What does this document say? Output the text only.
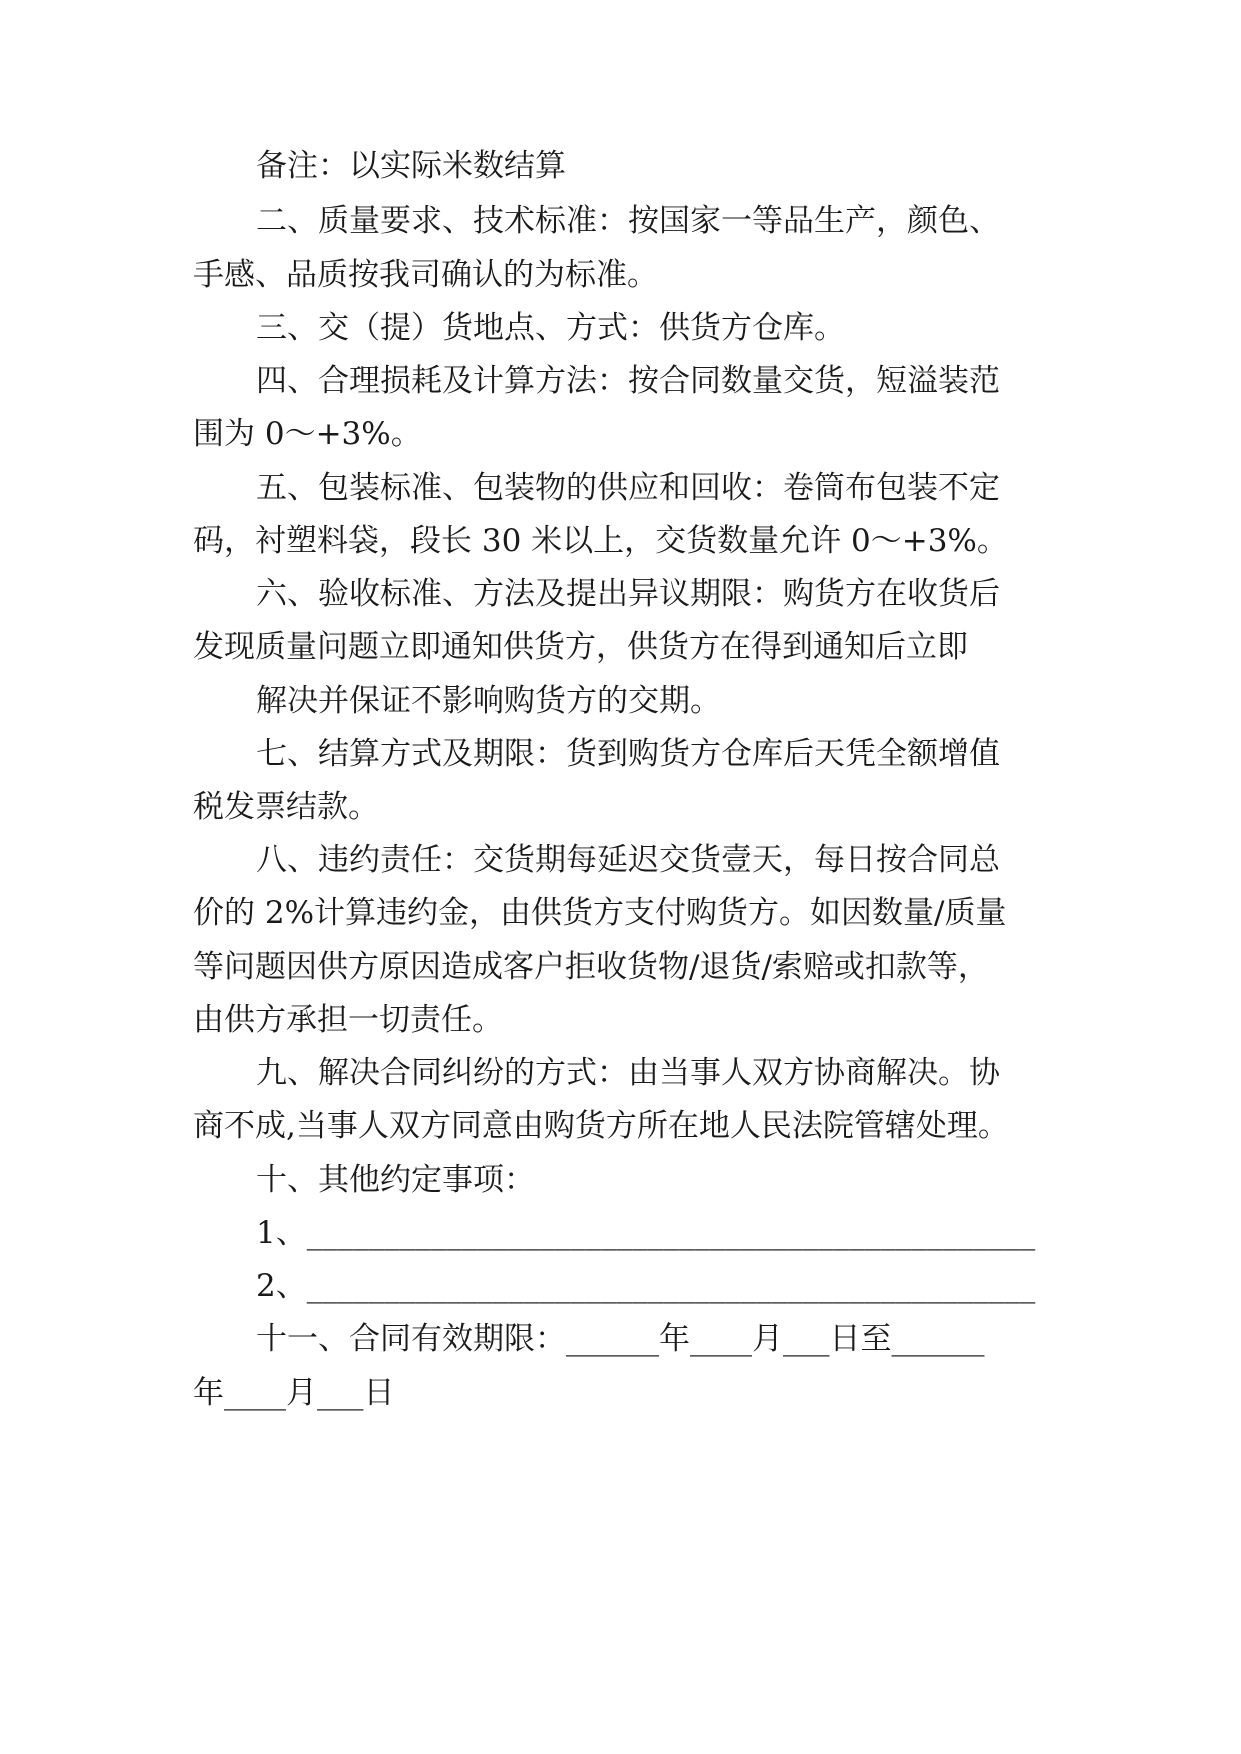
备注：以实际米数结算
二、质量要求、技术标准：按国家一等品生产，颜色、
手感、品质按我司确认的为标准。
三、交（提）货地点、方式：供货方仓库。
四、合理损耗及计算方法：按合同数量交货，短溢装范
围为 0～+3%。
五、包装标准、包装物的供应和回收：卷筒布包装不定
码，衬塑料袋，段长 30 米以上，交货数量允许 0～+3%。
六、验收标准、方法及提出异议期限：购货方在收货后
发现质量问题立即通知供货方，供货方在得到通知后立即
解决并保证不影响购货方的交期。
七、结算方式及期限：货到购货方仓库后天凭全额增值
税发票结款。
八、违约责任：交货期每延迟交货壹天，每日按合同总
价的 2%计算违约金，由供货方支付购货方。如因数量/质量
等问题因供方原因造成客户拒收货物/退货/索赔或扣款等，
由供方承担一切责任。
九、解决合同纠纷的方式：由当事人双方协商解决。协
商不成,当事人双方同意由购货方所在地人民法院管辖处理。
十、其他约定事项：
1、_______________________________________________
2、_______________________________________________
十一、合同有效期限：______年____月___日至______
年____月___日
